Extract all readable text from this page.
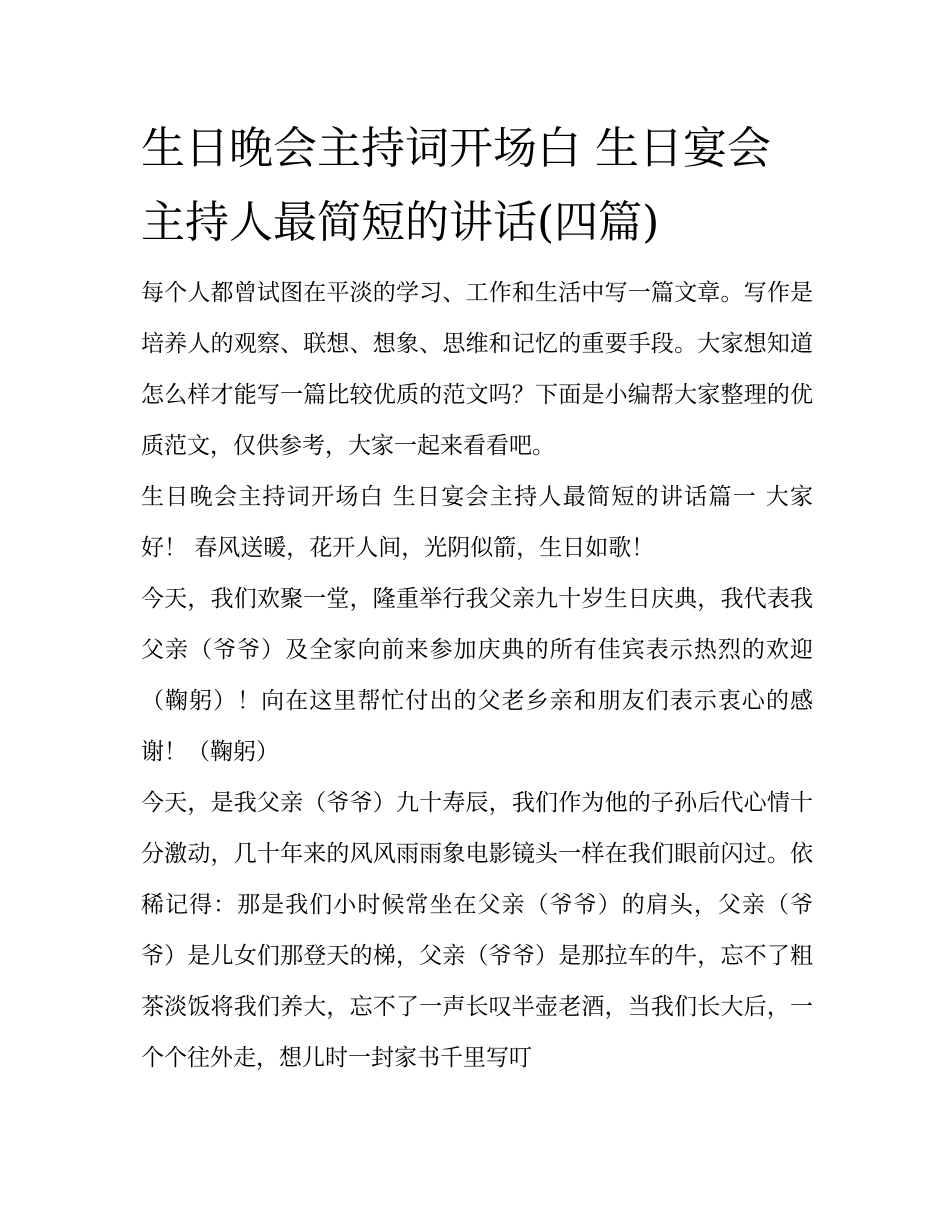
生日晚会主持词开场白 生日宴会主持人最简短的讲话(四篇)

每个人都曾试图在平淡的学习、工作和生活中写一篇文章。写作是培养人的观察、联想、想象、思维和记忆的重要手段。大家想知道怎么样才能写一篇比较优质的范文吗？下面是小编帮大家整理的优质范文，仅供参考，大家一起来看看吧。

生日晚会主持词开场白 生日宴会主持人最简短的讲话篇一 大家好！ 春风送暖，花开人间，光阴似箭，生日如歌！

今天，我们欢聚一堂，隆重举行我父亲九十岁生日庆典，我代表我父亲（爷爷）及全家向前来参加庆典的所有佳宾表示热烈的欢迎（鞠躬）！向在这里帮忙付出的父老乡亲和朋友们表示衷心的感谢！（鞠躬）

今天，是我父亲（爷爷）九十寿辰，我们作为他的子孙后代心情十分激动，几十年来的风风雨雨象电影镜头一样在我们眼前闪过。依稀记得：那是我们小时候常坐在父亲（爷爷）的肩头，父亲（爷爷）是儿女们那登天的梯，父亲（爷爷）是那拉车的牛，忘不了粗茶淡饭将我们养大，忘不了一声长叹半壶老酒，当我们长大后，一个个往外走，想儿时一封家书千里写叮
